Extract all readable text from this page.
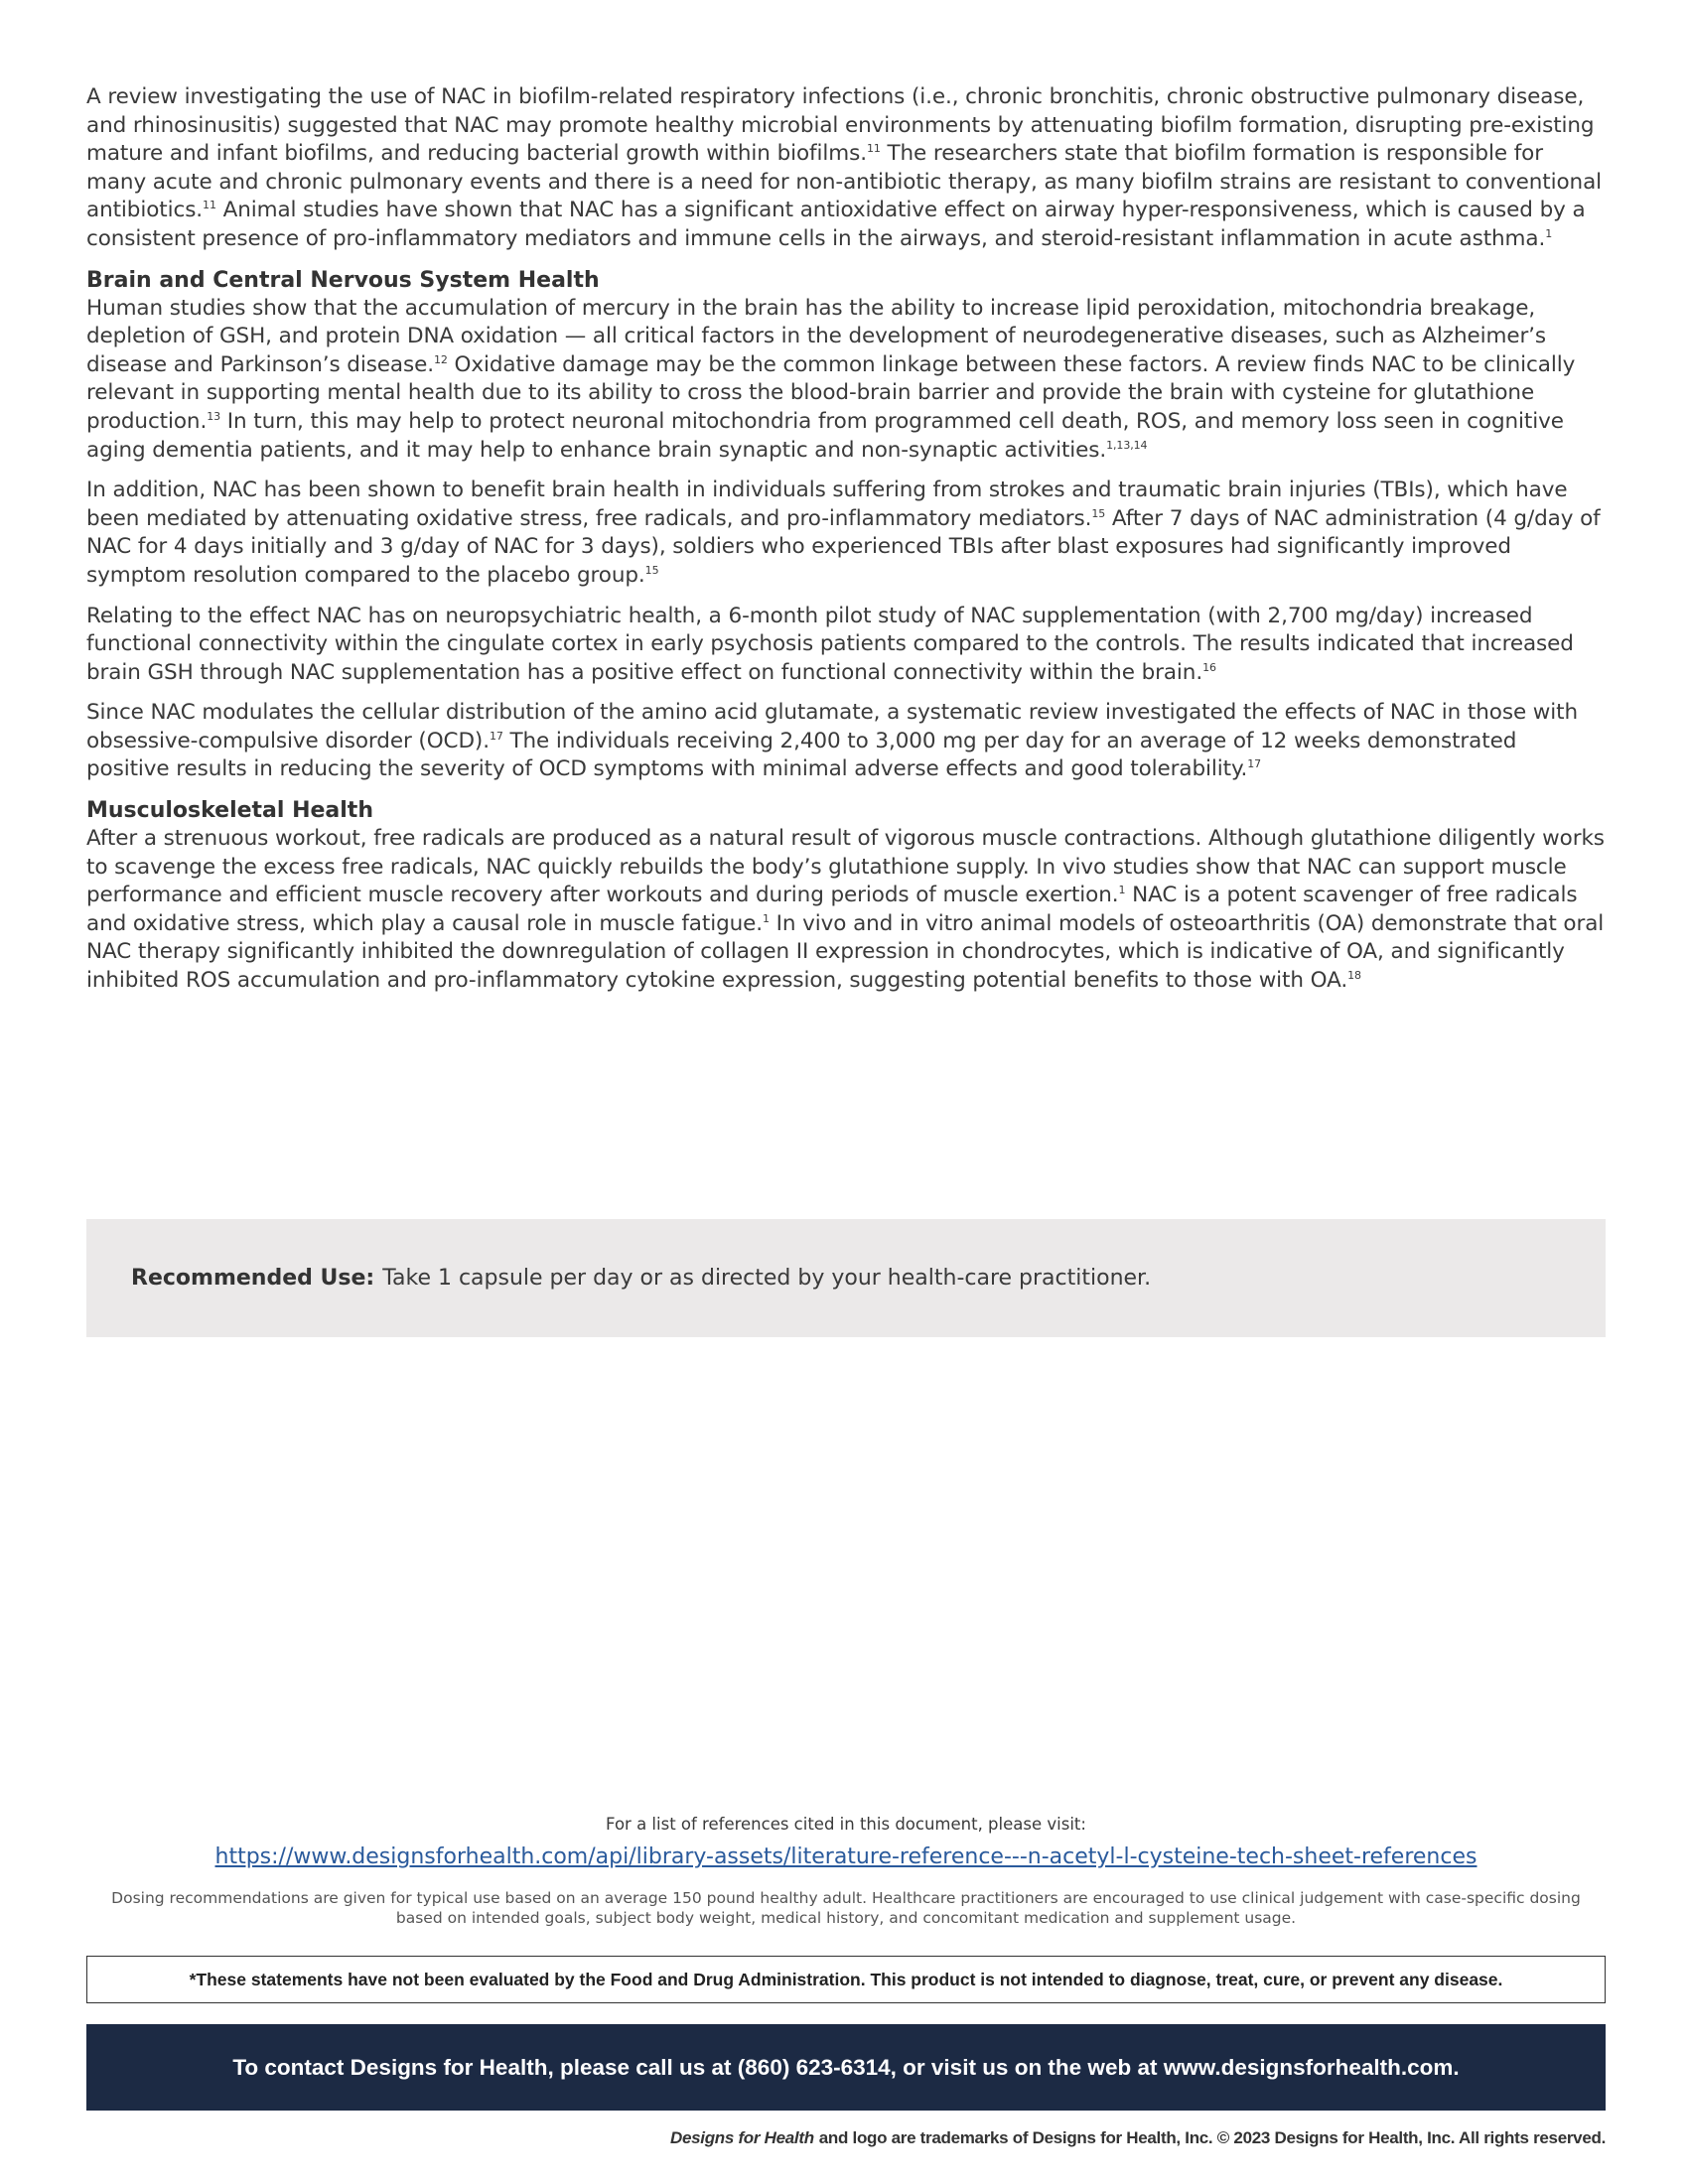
A review investigating the use of NAC in biofilm-related respiratory infections (i.e., chronic bronchitis, chronic obstructive pulmonary disease, and rhinosinusitis) suggested that NAC may promote healthy microbial environments by attenuating biofilm formation, disrupting pre-existing mature and infant biofilms, and reducing bacterial growth within biofilms.$^{11}$ The researchers state that biofilm formation is responsible for many acute and chronic pulmonary events and there is a need for non-antibiotic therapy, as many biofilm strains are resistant to conventional antibiotics.$^{11}$ Animal studies have shown that NAC has a significant antioxidative effect on airway hyper-responsiveness, which is caused by a consistent presence of pro-inflammatory mediators and immune cells in the airways, and steroid-resistant inflammation in acute asthma.$^1$

Brain and Central Nervous System Health

Human studies show that the accumulation of mercury in the brain has the ability to increase lipid peroxidation, mitochondria breakage, depletion of GSH, and protein DNA oxidation — all critical factors in the development of neurodegenerative diseases, such as Alzheimer’s disease and Parkinson’s disease.$^{12}$ Oxidative damage may be the common linkage between these factors. A review finds NAC to be clinically relevant in supporting mental health due to its ability to cross the blood-brain barrier and provide the brain with cysteine for glutathione production.$^{13}$ In turn, this may help to protect neuronal mitochondria from programmed cell death, ROS, and memory loss seen in cognitive aging dementia patients, and it may help to enhance brain synaptic and non-synaptic activities.$^{1,13,14}$

In addition, NAC has been shown to benefit brain health in individuals suffering from strokes and traumatic brain injuries (TBIs), which have been mediated by attenuating oxidative stress, free radicals, and pro-inflammatory mediators.$^{15}$ After 7 days of NAC administration (4 g/day of NAC for 4 days initially and 3 g/day of NAC for 3 days), soldiers who experienced TBIs after blast exposures had significantly improved symptom resolution compared to the placebo group.$^{15}$

Relating to the effect NAC has on neuropsychiatric health, a 6-month pilot study of NAC supplementation (with 2,700 mg/day) increased functional connectivity within the cingulate cortex in early psychosis patients compared to the controls. The results indicated that increased brain GSH through NAC supplementation has a positive effect on functional connectivity within the brain.$^{16}$

Since NAC modulates the cellular distribution of the amino acid glutamate, a systematic review investigated the effects of NAC in those with obsessive-compulsive disorder (OCD).$^{17}$ The individuals receiving 2,400 to 3,000 mg per day for an average of 12 weeks demonstrated positive results in reducing the severity of OCD symptoms with minimal adverse effects and good tolerability.$^{17}$

Musculoskeletal Health

After a strenuous workout, free radicals are produced as a natural result of vigorous muscle contractions. Although glutathione diligently works to scavenge the excess free radicals, NAC quickly rebuilds the body’s glutathione supply. In vivo studies show that NAC can support muscle performance and efficient muscle recovery after workouts and during periods of muscle exertion.$^1$ NAC is a potent scavenger of free radicals and oxidative stress, which play a causal role in muscle fatigue.$^1$ In vivo and in vitro animal models of osteoarthritis (OA) demonstrate that oral NAC therapy significantly inhibited the downregulation of collagen II expression in chondrocytes, which is indicative of OA, and significantly inhibited ROS accumulation and pro-inflammatory cytokine expression, suggesting potential benefits to those with OA.$^{18}$

Recommended Use: Take 1 capsule per day or as directed by your health-care practitioner.
For a list of references cited in this document, please visit:
https://www.designsforhealth.com/api/library-assets/literature-reference---n-acetyl-l-cysteine-tech-sheet-references
Dosing recommendations are given for typical use based on an average 150 pound healthy adult. Healthcare practitioners are encouraged to use clinical judgement with case-specific dosing based on intended goals, subject body weight, medical history, and concomitant medication and supplement usage.
*These statements have not been evaluated by the Food and Drug Administration. This product is not intended to diagnose, treat, cure, or prevent any disease.
To contact Designs for Health, please call us at (860) 623-6314, or visit us on the web at www.designsforhealth.com.
Designs for Health and logo are trademarks of Designs for Health, Inc. © 2023 Designs for Health, Inc. All rights reserved.
